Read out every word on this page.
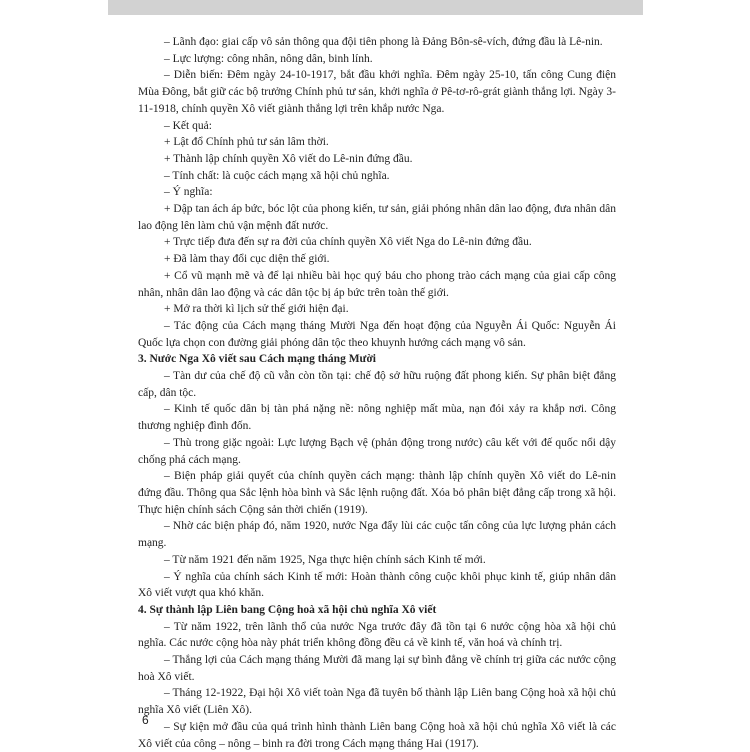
– Lãnh đạo: giai cấp vô sản thông qua đội tiên phong là Đảng Bôn-sê-vích, đứng đầu là Lê-nin.

– Lực lượng: công nhân, nông dân, binh lính.

– Diễn biến: Đêm ngày 24-10-1917, bắt đầu khởi nghĩa. Đêm ngày 25-10, tấn công Cung điện Mùa Đông, bắt giữ các bộ trưởng Chính phủ tư sản, khởi nghĩa ở Pê-tơ-rô-grát giành thắng lợi. Ngày 3-11-1918, chính quyền Xô viết giành thắng lợi trên khắp nước Nga.

– Kết quả:

+ Lật đổ Chính phủ tư sản lâm thời.

+ Thành lập chính quyền Xô viết do Lê-nin đứng đầu.

– Tính chất: là cuộc cách mạng xã hội chủ nghĩa.

– Ý nghĩa:

+ Dập tan ách áp bức, bóc lột của phong kiến, tư sản, giải phóng nhân dân lao động, đưa nhân dân lao động lên làm chủ vận mệnh đất nước.

+ Trực tiếp đưa đến sự ra đời của chính quyền Xô viết Nga do Lê-nin đứng đầu.

+ Đã làm thay đổi cục diện thế giới.

+ Cổ vũ mạnh mẽ và để lại nhiều bài học quý báu cho phong trào cách mạng của giai cấp công nhân, nhân dân lao động và các dân tộc bị áp bức trên toàn thế giới.

+ Mở ra thời kì lịch sử thế giới hiện đại.

– Tác động của Cách mạng tháng Mười Nga đến hoạt động của Nguyễn Ái Quốc: Nguyễn Ái Quốc lựa chọn con đường giải phóng dân tộc theo khuynh hướng cách mạng vô sản.

3. Nước Nga Xô viết sau Cách mạng tháng Mười

– Tàn dư của chế độ cũ vẫn còn tồn tại: chế độ sở hữu ruộng đất phong kiến. Sự phân biệt đẳng cấp, dân tộc.

– Kinh tế quốc dân bị tàn phá nặng nề: nông nghiệp mất mùa, nạn đói xảy ra khắp nơi. Công thương nghiệp đình đốn.

– Thù trong giặc ngoài: Lực lượng Bạch vệ (phản động trong nước) câu kết với đế quốc nổi dậy chống phá cách mạng.

– Biện pháp giải quyết của chính quyền cách mạng: thành lập chính quyền Xô viết do Lê-nin đứng đầu. Thông qua Sắc lệnh hòa bình và Sắc lệnh ruộng đất. Xóa bỏ phân biệt đẳng cấp trong xã hội. Thực hiện chính sách Cộng sản thời chiến (1919).

– Nhờ các biện pháp đó, năm 1920, nước Nga đẩy lùi các cuộc tấn công của lực lượng phản cách mạng.

– Từ năm 1921 đến năm 1925, Nga thực hiện chính sách Kinh tế mới.

– Ý nghĩa của chính sách Kinh tế mới: Hoàn thành công cuộc khôi phục kinh tế, giúp nhân dân Xô viết vượt qua khó khăn.

4. Sự thành lập Liên bang Cộng hoà xã hội chủ nghĩa Xô viết

– Từ năm 1922, trên lãnh thổ của nước Nga trước đây đã tồn tại 6 nước cộng hòa xã hội chủ nghĩa. Các nước cộng hòa này phát triển không đồng đều cả về kinh tế, văn hoá và chính trị.

– Thắng lợi của Cách mạng tháng Mười đã mang lại sự bình đẳng về chính trị giữa các nước cộng hoà Xô viết.

– Tháng 12-1922, Đại hội Xô viết toàn Nga đã tuyên bố thành lập Liên bang Cộng hoà xã hội chủ nghĩa Xô viết (Liên Xô).

– Sự kiện mở đầu của quá trình hình thành Liên bang Cộng hoà xã hội chủ nghĩa Xô viết là các Xô viết của công – nông – binh ra đời trong Cách mạng tháng Hai (1917).

6
